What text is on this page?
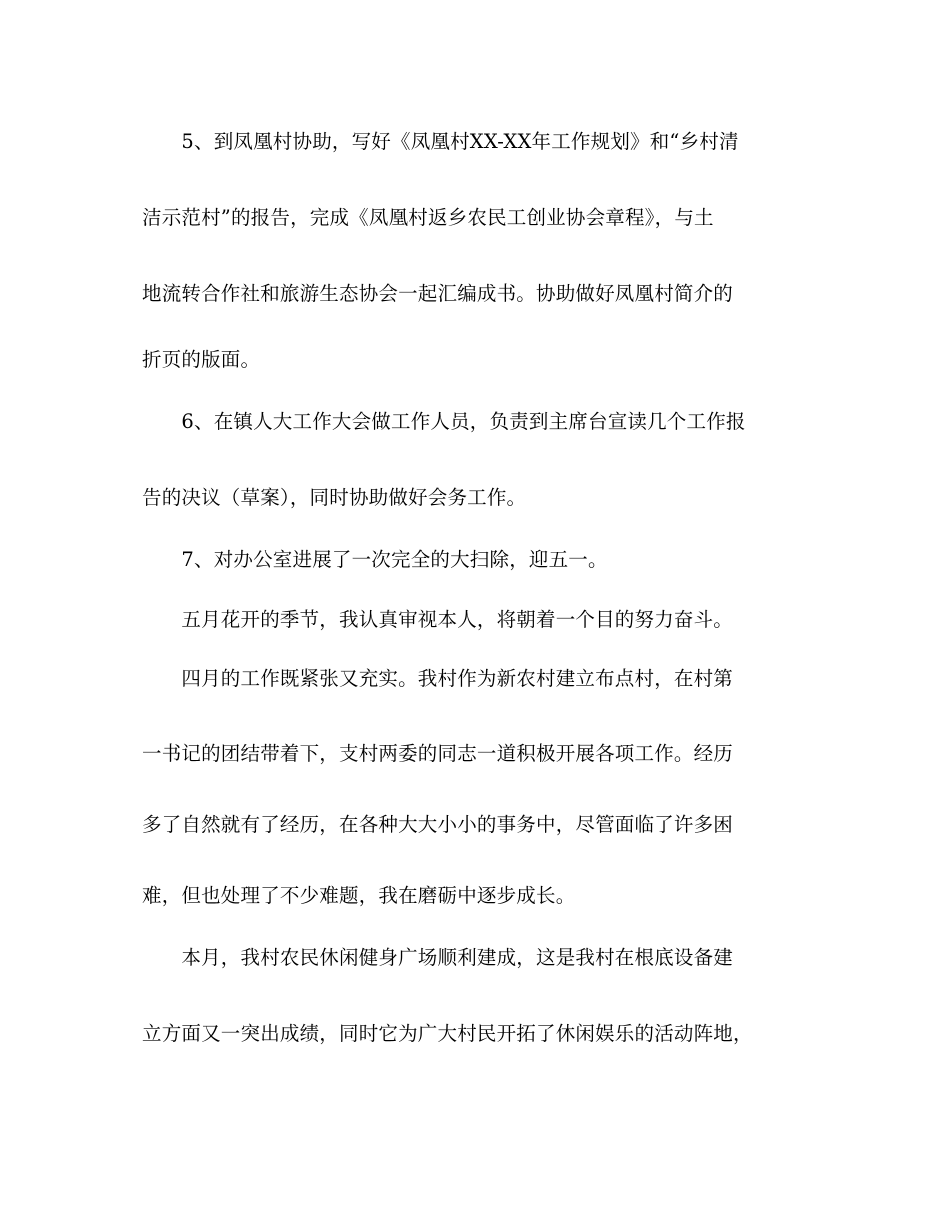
　　5、到凤凰村协助，写好《凤凰村XX-XX年工作规划》和“乡村清
洁示范村”的报告，完成《凤凰村返乡农民工创业协会章程》，与土
地流转合作社和旅游生态协会一起汇编成书。协助做好凤凰村简介的
折页的版面。
　　6、在镇人大工作大会做工作人员，负责到主席台宣读几个工作报
告的决议（草案），同时协助做好会务工作。
　　7、对办公室进展了一次完全的大扫除，迎五一。
　　五月花开的季节，我认真审视本人，将朝着一个目的努力奋斗。
　　四月的工作既紧张又充实。我村作为新农村建立布点村，在村第
一书记的团结带着下，支村两委的同志一道积极开展各项工作。经历
多了自然就有了经历，在各种大大小小的事务中，尽管面临了许多困
难，但也处理了不少难题，我在磨砺中逐步成长。
　　本月，我村农民休闲健身广场顺利建成，这是我村在根底设备建
立方面又一突出成绩，同时它为广大村民开拓了休闲娱乐的活动阵地，
